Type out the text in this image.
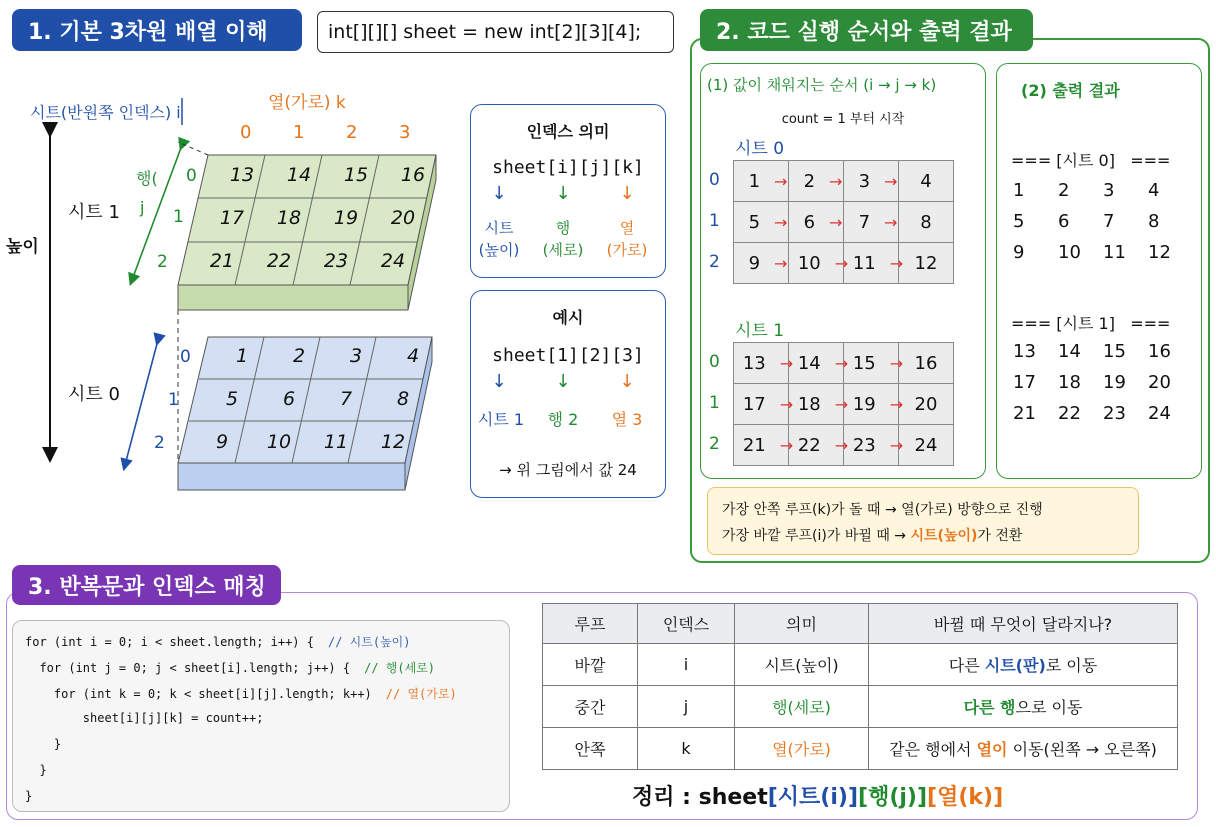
1. 기본 3차원 배열 이해	int[][][] sheet = new int[2][3][4];
시트(반원쪽 인덱스) i	열(가로) k
0 1 2 3
행(
j
0
1
2
0
1
2
높이
시트 1
시트 0
13	14	15	16
17	18	19	20
21	22	23	24
1	2	3	4
5	6	7	8
9	10	11	12
인덱스 의미
sheet[i][j][k]
↓	↓	↓
시트
(높이)
행
(세로)
열
(가로)
예시
sheet[1][2][3]
↓	↓	↓
시트 1	행 2	열 3
→ 위 그림에서 값 24
2. 코드 실행 순서와 출력 결과
(1) 값이 채워지는 순서 (i → j → k)
count = 1 부터 시작
시트 0
시트 1
0
1
2
1 →	2 →	3 →	4
5 →	6 →	7 →	8
9 →	10 →	11 →	12
0
1
2
13 →	14 →	15 →	16
17 →	18 →	19 →	20
21 →	22 →	23 →	24
(2) 출력 결과
=== [시트 0]   ===
=== [시트 1]   ===
1	2	3	4
5	6	7	8
9	10	11	12
13	14	15	16
17	18	19	20
21	22	23	24
가장 안쪽 루프(k)가 돌 때 → 열(가로) 방향으로 진행
가장 바깥 루프(i)가 바뀔 때 → 시트(높이)가 전환
3. 반복문과 인덱스 매칭
for (int i = 0; i < sheet.length; i++) { // 시트(높이)
for (int j = 0; j < sheet[i].length; j++) { // 행(세로)
for (int k = 0; k < sheet[i][j].length; k++) // 열(가로)
sheet[i][j][k] = count++;
}
}
}
루프	인덱스	의미	바뀔 때 무엇이 달라지나?
바깥	i	시트(높이)	다른 시트(판)로 이동
중간	j	행(세로)	다른 행으로 이동
안쪽	k	열(가로)	같은 행에서 열이 이동(왼쪽 → 오른쪽)
정리 : sheet[시트(i)][행(j)][열(k)]
